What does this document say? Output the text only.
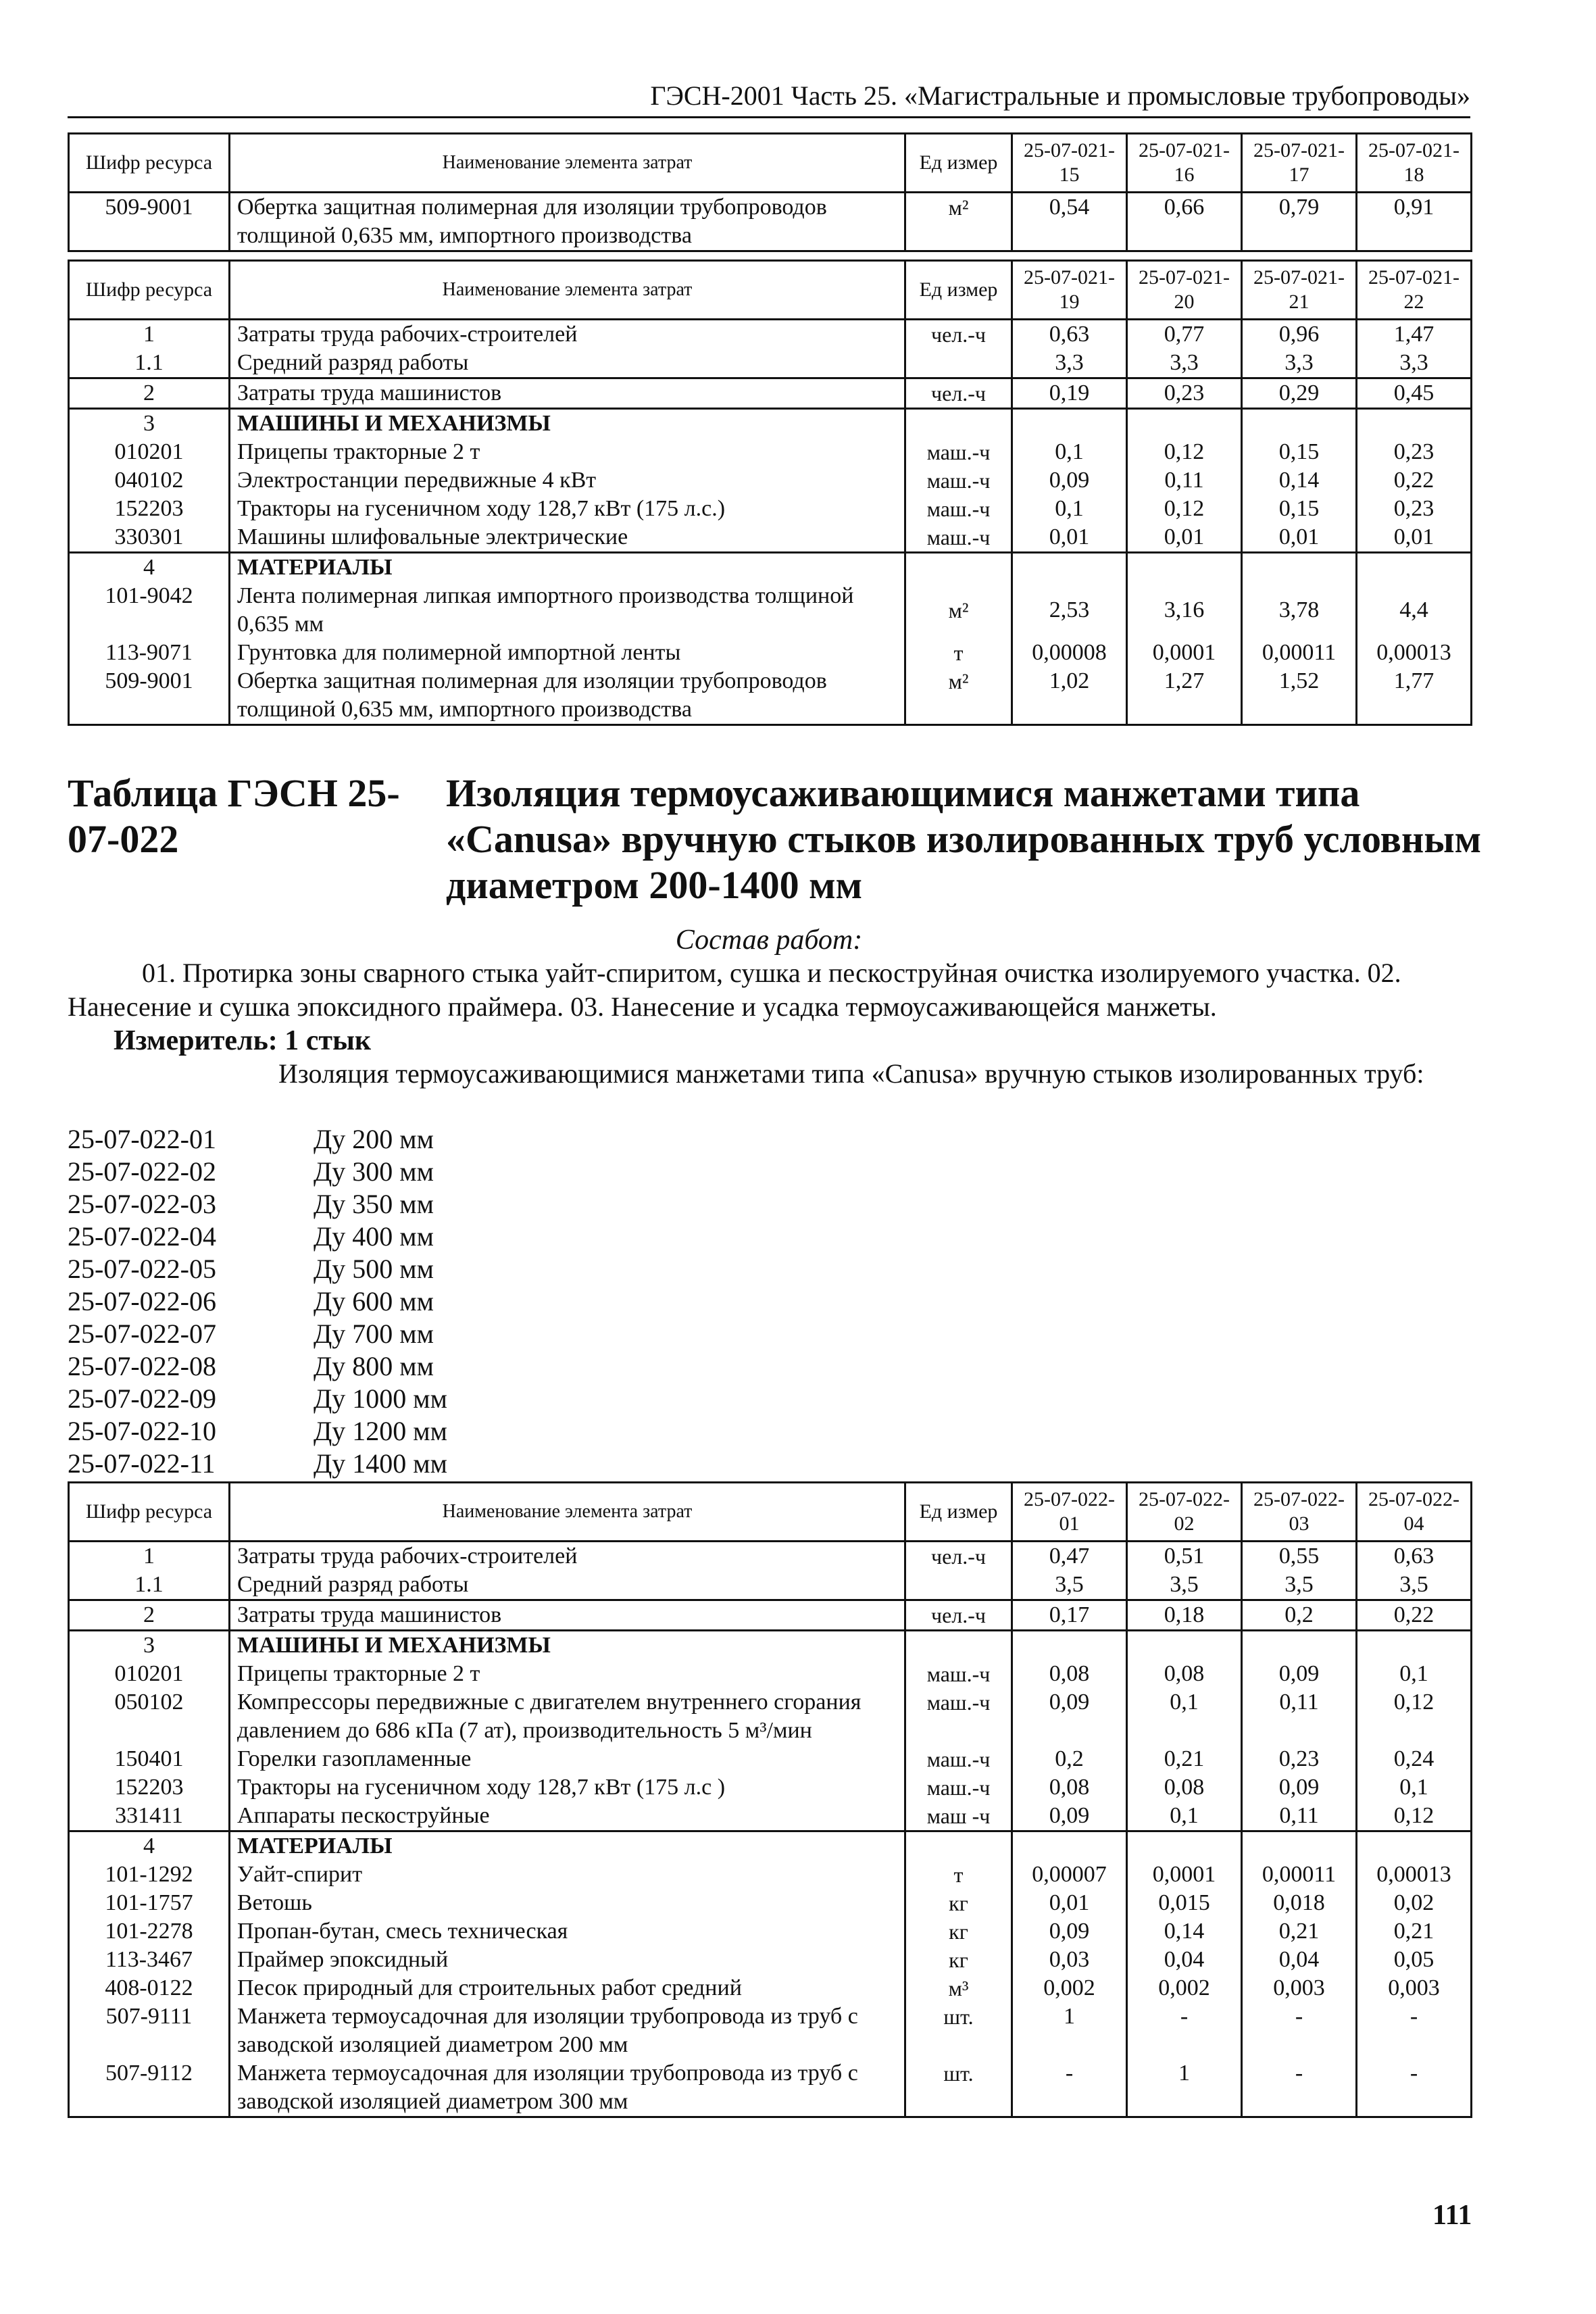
ГЭСН-2001 Часть 25. «Магистральные и промысловые трубопроводы»
Шифр ресурса	Наименование элемента затрат	Ед измер	25-07-021-15	25-07-021-16	25-07-021-17	25-07-021-18
509-9001	Обертка защитная полимерная для изоляции трубопроводов толщиной 0,635 мм, импортного производства	м²	0,54	0,66	0,79	0,91
Шифр ресурса	Наименование элемента затрат	Ед измер	25-07-021-19	25-07-021-20	25-07-021-21	25-07-021-22
1	Затраты труда рабочих-строителей	чел.-ч	0,63	0,77	0,96	1,47
1.1	Средний разряд работы		3,3	3,3	3,3	3,3
2	Затраты труда машинистов	чел.-ч	0,19	0,23	0,29	0,45
3	МАШИНЫ И МЕХАНИЗМЫ					
010201	Прицепы тракторные 2 т	маш.-ч	0,1	0,12	0,15	0,23
040102	Электростанции передвижные 4 кВт	маш.-ч	0,09	0,11	0,14	0,22
152203	Тракторы на гусеничном ходу 128,7 кВт (175 л.с.)	маш.-ч	0,1	0,12	0,15	0,23
330301	Машины шлифовальные электрические	маш.-ч	0,01	0,01	0,01	0,01
4	МАТЕРИАЛЫ					
101-9042	Лента полимерная липкая импортного производства толщиной 0,635 мм	м²	2,53	3,16	3,78	4,4
113-9071	Грунтовка для полимерной импортной ленты	т	0,00008	0,0001	0,00011	0,00013
509-9001	Обертка защитная полимерная для изоляции трубопроводов толщиной 0,635 мм, импортного производства	м²	1,02	1,27	1,52	1,77
Таблица ГЭСН 25-07-022
Изоляция термоусаживающимися манжетами типа «Canusa» вручную стыков изолированных труб условным диаметром 200-1400 мм
Состав работ:
01. Протирка зоны сварного стыка уайт-спиритом, сушка и пескоструйная очистка изолируемого участка. 02. Нанесение и сушка эпоксидного праймера. 03. Нанесение и усадка термоусаживающейся манжеты.
Измеритель: 1 стык
Изоляция термоусаживающимися манжетами типа «Canusa» вручную стыков изолированных труб:
25-07-022-01	Ду 200 мм
25-07-022-02	Ду 300 мм
25-07-022-03	Ду 350 мм
25-07-022-04	Ду 400 мм
25-07-022-05	Ду 500 мм
25-07-022-06	Ду 600 мм
25-07-022-07	Ду 700 мм
25-07-022-08	Ду 800 мм
25-07-022-09	Ду 1000 мм
25-07-022-10	Ду 1200 мм
25-07-022-11	Ду 1400 мм
Шифр ресурса	Наименование элемента затрат	Ед измер	25-07-022-01	25-07-022-02	25-07-022-03	25-07-022-04
1	Затраты труда рабочих-строителей	чел.-ч	0,47	0,51	0,55	0,63
1.1	Средний разряд работы		3,5	3,5	3,5	3,5
2	Затраты труда машинистов	чел.-ч	0,17	0,18	0,2	0,22
3	МАШИНЫ И МЕХАНИЗМЫ					
010201	Прицепы тракторные 2 т	маш.-ч	0,08	0,08	0,09	0,1
050102	Компрессоры передвижные с двигателем внутреннего сгорания давлением до 686 кПа (7 ат), производительность 5 м³/мин	маш.-ч	0,09	0,1	0,11	0,12
150401	Горелки газопламенные	маш.-ч	0,2	0,21	0,23	0,24
152203	Тракторы на гусеничном ходу 128,7 кВт (175 л.с )	маш.-ч	0,08	0,08	0,09	0,1
331411	Аппараты пескоструйные	маш -ч	0,09	0,1	0,11	0,12
4	МАТЕРИАЛЫ					
101-1292	Уайт-спирит	т	0,00007	0,0001	0,00011	0,00013
101-1757	Ветошь	кг	0,01	0,015	0,018	0,02
101-2278	Пропан-бутан, смесь техническая	кг	0,09	0,14	0,21	0,21
113-3467	Праймер эпоксидный	кг	0,03	0,04	0,04	0,05
408-0122	Песок природный для строительных работ средний	м³	0,002	0,002	0,003	0,003
507-9111	Манжета термоусадочная для изоляции трубопровода из труб с заводской изоляцией диаметром 200 мм	шт.	1	-	-	-
507-9112	Манжета термоусадочная для изоляции трубопровода из труб с заводской изоляцией диаметром 300 мм	шт.	-	1	-	-
111
